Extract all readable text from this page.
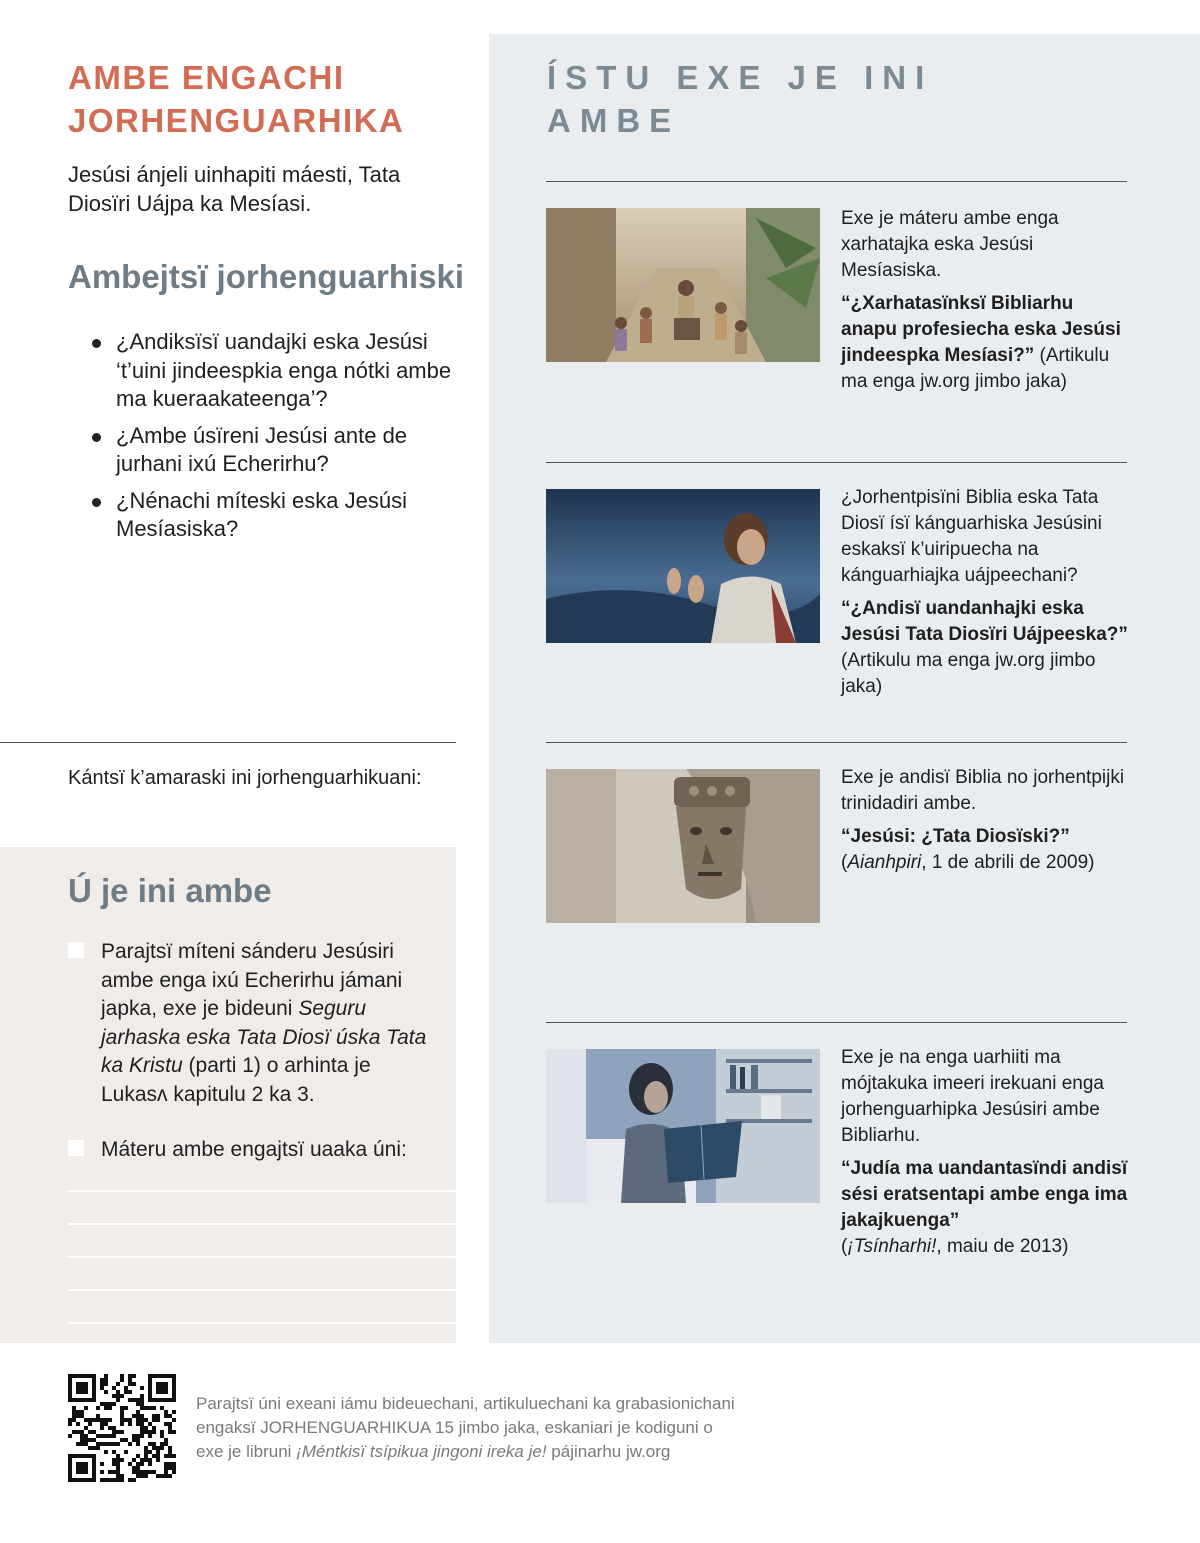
AMBE ENGACHI JORHENGUARHIKA
Jesúsi ánjeli uinhapiti máesti, Tata Diosïri Uájpa ka Mesíasi.
Ambejtsï jorhenguarhiski
¿Andiksïsï uandajki eska Jesúsi ‘t’uini jindeespkia enga nótki ambe ma kueraakateenga’?
¿Ambe úsïreni Jesúsi ante de jurhani ixú Echerirhu?
¿Nénachi míteski eska Jesúsi Mesíasiska?
Kántsï k’amaraski ini jorhenguarhikuani:
Ú je ini ambe
Parajtsï míteni sánderu Jesúsiri ambe enga ixú Echerirhu jámani japka, exe je bideuni Seguru jarhaska eska Tata Diosï úska Tata ka Kristu (parti 1) o arhinta je Lukasʌ kapitulu 2 ka 3.
Máteru ambe engajtsï uaaka úni:
ÍSTU EXE JE INI AMBE
Exe je máteru ambe enga xarhatajka eska Jesúsi Mesíasiska.
“¿Xarhatasïnksï Bibliarhu anapu profesiecha eska Jesúsi jindeespka Mesíasi?” (Artikulu ma enga jw.org jimbo jaka)
¿Jorhentpisïni Biblia eska Tata Diosï ísï kánguarhiska Jesúsini eskaksï k’uiripuecha na kánguarhiajka uájpeechani?
“¿Andisï uandanhajki eska Jesúsi Tata Diosïri Uájpeeska?” (Artikulu ma enga jw.org jimbo jaka)
Exe je andisï Biblia no jorhentpijki trinidadiri ambe.
“Jesúsi: ¿Tata Diosïski?”
(Aianhpiri, 1 de abrili de 2009)
Exe je na enga uarhiiti ma mójtakuka imeeri irekuani enga jorhenguarhipka Jesúsiri ambe Bibliarhu.
“Judía ma uandantasïndi andisï sési eratsentapi ambe enga ima jakajkuenga”
(¡Tsínharhi!, maiu de 2013)
Parajtsï úni exeani iámu bideuechani, artikuluechani ka grabasionichani engaksï JORHENGUARHIKUA 15 jimbo jaka, eskaniari je kodiguni o exe je libruni ¡Méntkisï tsípikua jingoni ireka je! pájinarhu jw.org
